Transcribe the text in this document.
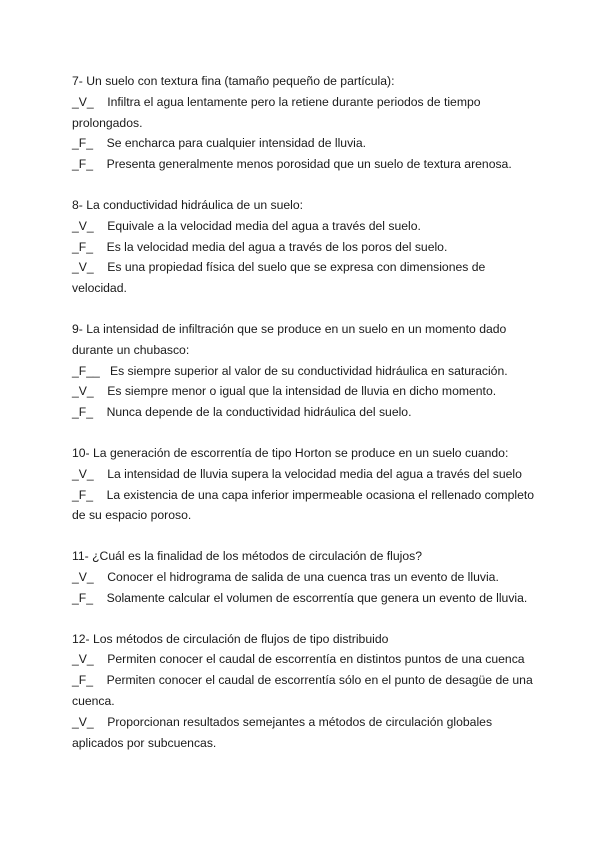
7- Un suelo con textura fina (tamaño pequeño de partícula):

_V_ Infiltra el agua lentamente pero la retiene durante periodos de tiempo prolongados.

_F_ Se encharca para cualquier intensidad de lluvia.

_F_ Presenta generalmente menos porosidad que un suelo de textura arenosa.

8- La conductividad hidráulica de un suelo:

_V_ Equivale a la velocidad media del agua a través del suelo.

_F_ Es la velocidad media del agua a través de los poros del suelo.

_V_ Es una propiedad física del suelo que se expresa con dimensiones de velocidad.

9- La intensidad de infiltración que se produce en un suelo en un momento dado durante un chubasco:

_F__ Es siempre superior al valor de su conductividad hidráulica en saturación.

_V_ Es siempre menor o igual que la intensidad de lluvia en dicho momento.

_F_ Nunca depende de la conductividad hidráulica del suelo.

10- La generación de escorrentía de tipo Horton se produce en un suelo cuando:

_V_ La intensidad de lluvia supera la velocidad media del agua a través del suelo

_F_ La existencia de una capa inferior impermeable ocasiona el rellenado completo de su espacio poroso.

11- ¿Cuál es la finalidad de los métodos de circulación de flujos?

_V_ Conocer el hidrograma de salida de una cuenca tras un evento de lluvia.

_F_ Solamente calcular el volumen de escorrentía que genera un evento de lluvia.

12- Los métodos de circulación de flujos de tipo distribuido

_V_ Permiten conocer el caudal de escorrentía en distintos puntos de una cuenca

_F_ Permiten conocer el caudal de escorrentía sólo en el punto de desagüe de una cuenca.

_V_ Proporcionan resultados semejantes a métodos de circulación globales aplicados por subcuencas.
